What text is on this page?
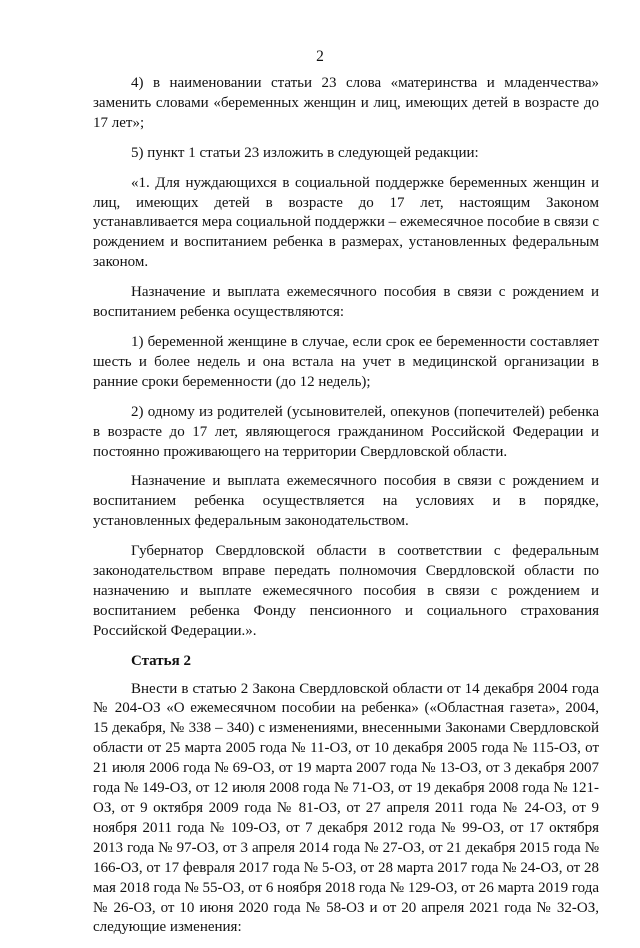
2

4) в наименовании статьи 23 слова «материнства и младенчества» заменить словами «беременных женщин и лиц, имеющих детей в возрасте до 17 лет»;

5) пункт 1 статьи 23 изложить в следующей редакции:

«1. Для нуждающихся в социальной поддержке беременных женщин и лиц, имеющих детей в возрасте до 17 лет, настоящим Законом устанавливается мера социальной поддержки – ежемесячное пособие в связи с рождением и воспитанием ребенка в размерах, установленных федеральным законом.

Назначение и выплата ежемесячного пособия в связи с рождением и воспитанием ребенка осуществляются:

1) беременной женщине в случае, если срок ее беременности составляет шесть и более недель и она встала на учет в медицинской организации в ранние сроки беременности (до 12 недель);

2) одному из родителей (усыновителей, опекунов (попечителей) ребенка в возрасте до 17 лет, являющегося гражданином Российской Федерации и постоянно проживающего на территории Свердловской области.

Назначение и выплата ежемесячного пособия в связи с рождением и воспитанием ребенка осуществляется на условиях и в порядке, установленных федеральным законодательством.

Губернатор Свердловской области в соответствии с федеральным законодательством вправе передать полномочия Свердловской области по назначению и выплате ежемесячного пособия в связи с рождением и воспитанием ребенка Фонду пенсионного и социального страхования Российской Федерации.».

Статья 2

Внести в статью 2 Закона Свердловской области от 14 декабря 2004 года № 204-ОЗ «О ежемесячном пособии на ребенка» («Областная газета», 2004, 15 декабря, № 338 – 340) с изменениями, внесенными Законами Свердловской области от 25 марта 2005 года № 11-ОЗ, от 10 декабря 2005 года № 115-ОЗ, от 21 июля 2006 года № 69-ОЗ, от 19 марта 2007 года № 13-ОЗ, от 3 декабря 2007 года № 149-ОЗ, от 12 июля 2008 года № 71-ОЗ, от 19 декабря 2008 года № 121-ОЗ, от 9 октября 2009 года № 81-ОЗ, от 27 апреля 2011 года № 24-ОЗ, от 9 ноября 2011 года № 109-ОЗ, от 7 декабря 2012 года № 99-ОЗ, от 17 октября 2013 года № 97-ОЗ, от 3 апреля 2014 года № 27-ОЗ, от 21 декабря 2015 года № 166-ОЗ, от 17 февраля 2017 года № 5-ОЗ, от 28 марта 2017 года № 24-ОЗ, от 28 мая 2018 года № 55-ОЗ, от 6 ноября 2018 года № 129-ОЗ, от 26 марта 2019 года № 26-ОЗ, от 10 июня 2020 года № 58-ОЗ и от 20 апреля 2021 года № 32-ОЗ, следующие изменения:
